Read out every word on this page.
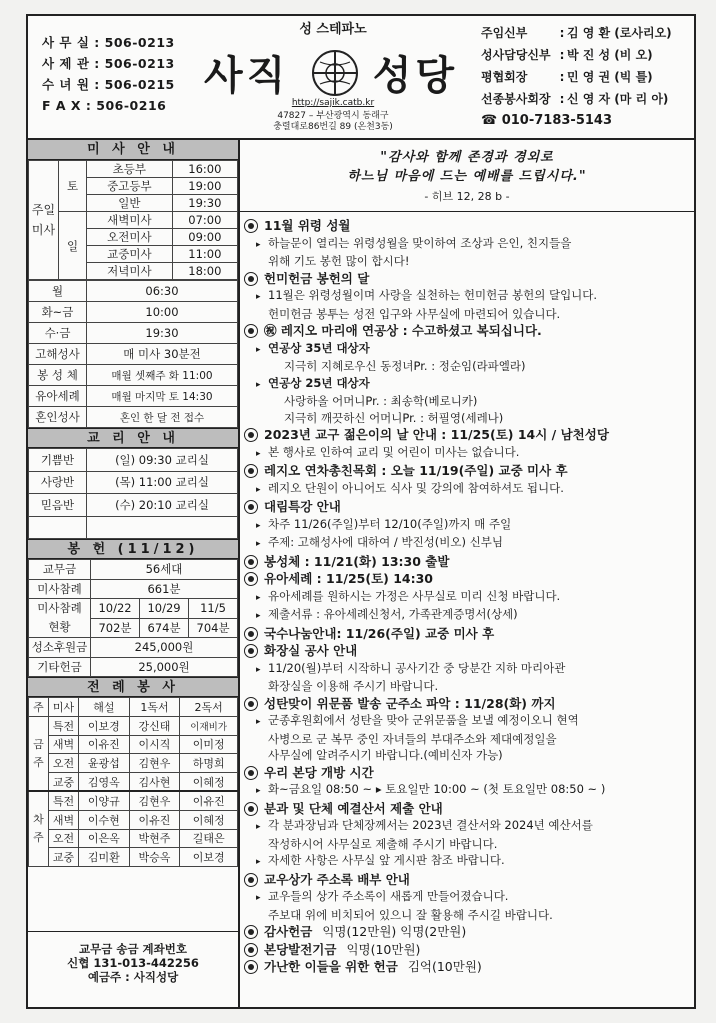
사 무 실 : 506-0213
사 제 관 : 506-0213
수 녀 원 : 506-0215
F A X : 506-0216
성 스테파노
사직 성당
http://sajik.catb.kr
47827 – 부산광역시 동래구
충렬대로86번길 89 (온천3동)
주임신부	: 김 영 환 (로사리오)
성사담당신부 : 박 진 성 (비 오)
평협회장	: 민 영 권 (빅 틀)
선종봉사회장 : 신 영 자 (마 리 아)
☎ 010-7183-5143
미 사 안 내
주일미사	토	초등부	16:00
		중고등부	19:00
		일반	19:30
	일	새벽미사	07:00
		오전미사	09:00
		교중미사	11:00
		저녁미사	18:00
월	06:30
화~금	10:00
수·금	19:30
고해성사	매 미사 30분전
봉 성 체	매월 셋째주 화 11:00
유아세례	매월 마지막 토 14:30
혼인성사	혼인 한 달 전 접수
교 리 안 내
기쁨반	(일) 09:30 교리실
사랑반	(목) 11:00 교리실
믿음반	(수) 20:10 교리실

봉 헌 (11/12)
교무금	56세대		
미사참례	661분		
미사참례
현황	10/22	10/29	11/5
	702분	674분	704분
성소후원금	245,000원		
기타헌금	25,000원		
전 례 봉 사
주	미사	해설	1독서	2독서
금주	특전	이보경	강신태	이재비가
	새벽	이유진	이시직	이미정
	오전	윤광섭	김현우	하명희
	교중	김영옥	김사현	이혜정
차주	특전	이양규	김현우	이유진
	새벽	이수현	이유진	이혜정
	오전	이은옥	박현주	길태은
	교중	김미환	박승옥	이보경
교무금 송금 계좌번호
신협 131-013-442256
예금주 : 사직성당
"감사와 함께 존경과 경외로
하느님 마음에 드는 예배를 드립시다."
- 히브 12, 28 b -
11월 위령 성월
▸ 하늘문이 열리는 위령성월을 맞이하여 조상과 은인, 친지들을
위해 기도 봉헌 많이 합시다!
헌미헌금 봉헌의 달
▸ 11월은 위령성월이며 사랑을 실천하는 헌미헌금 봉헌의 달입니다.
헌미헌금 봉투는 성전 입구와 사무실에 마련되어 있습니다.
㊗ 레지오 마리애 연공상 : 수고하셨고 복되십니다.
▸ 연공상 35년 대상자
지극히 지혜로우신 동정녀Pr. : 정순임(라파엘라)
▸ 연공상 25년 대상자
사랑하올 어머니Pr. : 최송학(베로니카)
지극히 깨끗하신 어머니Pr. : 허필영(세레나)
2023년 교구 젊은이의 날 안내 : 11/25(토) 14시 / 남천성당
▸ 본 행사로 인하여 교리 및 어린이 미사는 없습니다.
레지오 연차총친목회 : 오늘 11/19(주일) 교중 미사 후
▸ 레지오 단원이 아니어도 식사 및 강의에 참여하셔도 됩니다.
대림특강 안내
▸ 차주 11/26(주일)부터 12/10(주일)까지 매 주일
▸ 주제: 고해성사에 대하여 / 박진성(비오) 신부님
봉성체 : 11/21(화) 13:30 출발
유아세례 : 11/25(토) 14:30
▸ 유아세례를 원하시는 가정은 사무실로 미리 신청 바랍니다.
▸ 제출서류 : 유아세례신청서, 가족관계증명서(상세)
국수나눔안내: 11/26(주일) 교중 미사 후
화장실 공사 안내
▸ 11/20(월)부터 시작하니 공사기간 중 당분간 지하 마리아관
화장실을 이용해 주시기 바랍니다.
성탄맞이 위문품 발송 군주소 파악 : 11/28(화) 까지
▸ 군종후원회에서 성탄을 맞아 군위문품을 보낼 예정이오니 현역
사병으로 군 복무 중인 자녀들의 부대주소와 제대예정일을
사무실에 알려주시기 바랍니다.(예비신자 가능)
우리 본당 개방 시간
▸ 화~금요일 08:50 ~ ▸ 토요일만 10:00 ~ (첫 토요일만 08:50 ~ )
분과 및 단체 예결산서 제출 안내
▸ 각 분과장님과 단체장께서는 2023년 결산서와 2024년 예산서를
작성하시어 사무실로 제출해 주시기 바랍니다.
▸ 자세한 사항은 사무실 앞 게시판 참조 바랍니다.
교우상가 주소록 배부 안내
▸ 교우들의 상가 주소록이 새롭게 만들어졌습니다.
주보대 위에 비치되어 있으니 잘 활용해 주시길 바랍니다.
감사헌금 익명(12만원) 익명(2만원)
본당발전기금 익명(10만원)
가난한 이들을 위한 헌금 김억(10만원)
